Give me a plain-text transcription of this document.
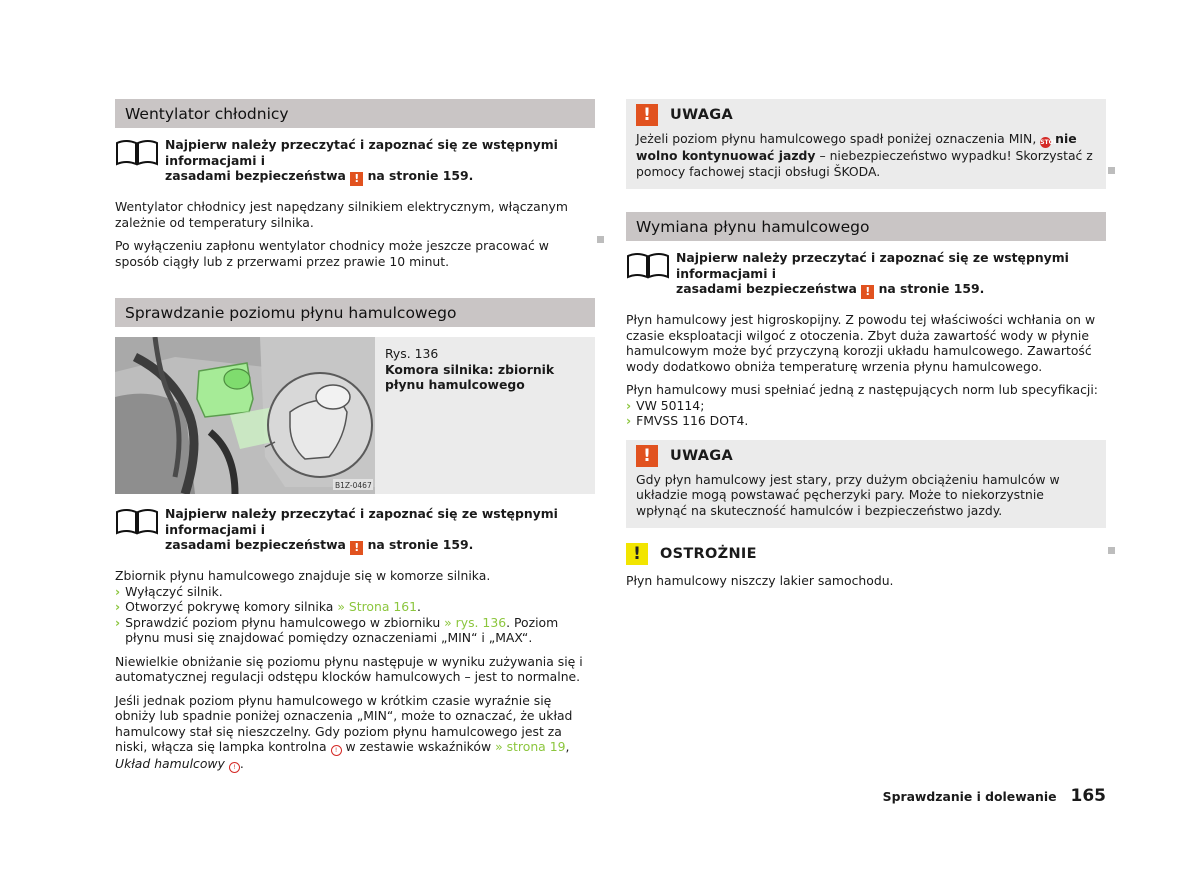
Wentylator chłodnicy
Najpierw należy przeczytać i zapoznać się ze wstępnymi informacjami i
zasadami bezpieczeństwa ! na stronie 159.

Wentylator chłodnicy jest napędzany silnikiem elektrycznym, włączanym zależnie od temperatury silnika.

Po wyłączeniu zapłonu wentylator chodnicy może jeszcze pracować w sposób ciągły lub z przerwami przez prawie 10 minut.

Sprawdzanie poziomu płynu hamulcowego
B1Z-0467
Rys. 136
Komora silnika: zbiornik płynu hamulcowego
Najpierw należy przeczytać i zapoznać się ze wstępnymi informacjami i
zasadami bezpieczeństwa ! na stronie 159.

Zbiornik płynu hamulcowego znajduje się w komorze silnika.

› Wyłączyć silnik.
› Otworzyć pokrywę komory silnika » Strona 161.
› Sprawdzić poziom płynu hamulcowego w zbiorniku » rys. 136. Poziom płynu musi się znajdować pomiędzy oznaczeniami „MIN“ i „MAX“.

Niewielkie obniżanie się poziomu płynu następuje w wyniku zużywania się i automatycznej regulacji odstępu klocków hamulcowych – jest to normalne.

Jeśli jednak poziom płynu hamulcowego w krótkim czasie wyraźnie się obniży lub spadnie poniżej oznaczenia „MIN“, może to oznaczać, że układ hamulcowy stał się nieszczelny. Gdy poziom płynu hamulcowego jest za niski, włącza się lampka kontrolna ! w zestawie wskaźników » strona 19, Układ hamulcowy ! .

!	UWAGA

Jeżeli poziom płynu hamulcowego spadł poniżej oznaczenia MIN, STOP nie wolno kontynuować jazdy – niebezpieczeństwo wypadku! Skorzystać z pomocy fachowej stacji obsługi ŠKODA.

Wymiana płynu hamulcowego
Najpierw należy przeczytać i zapoznać się ze wstępnymi informacjami i
zasadami bezpieczeństwa ! na stronie 159.

Płyn hamulcowy jest higroskopijny. Z powodu tej właściwości wchłania on w czasie eksploatacji wilgoć z otoczenia. Zbyt duża zawartość wody w płynie hamulcowym może być przyczyną korozji układu hamulcowego. Zawartość wody dodatkowo obniża temperaturę wrzenia płynu hamulcowego.

Płyn hamulcowy musi spełniać jedną z następujących norm lub specyfikacji:

› VW 50114;
› FMVSS 116 DOT4.
!	UWAGA

Gdy płyn hamulcowy jest stary, przy dużym obciążeniu hamulców w układzie mogą powstawać pęcherzyki pary. Może to niekorzystnie wpłynąć na skuteczność hamulców i bezpieczeństwo jazdy.

!	OSTROŻNIE

Płyn hamulcowy niszczy lakier samochodu.

Sprawdzanie i dolewanie 165
